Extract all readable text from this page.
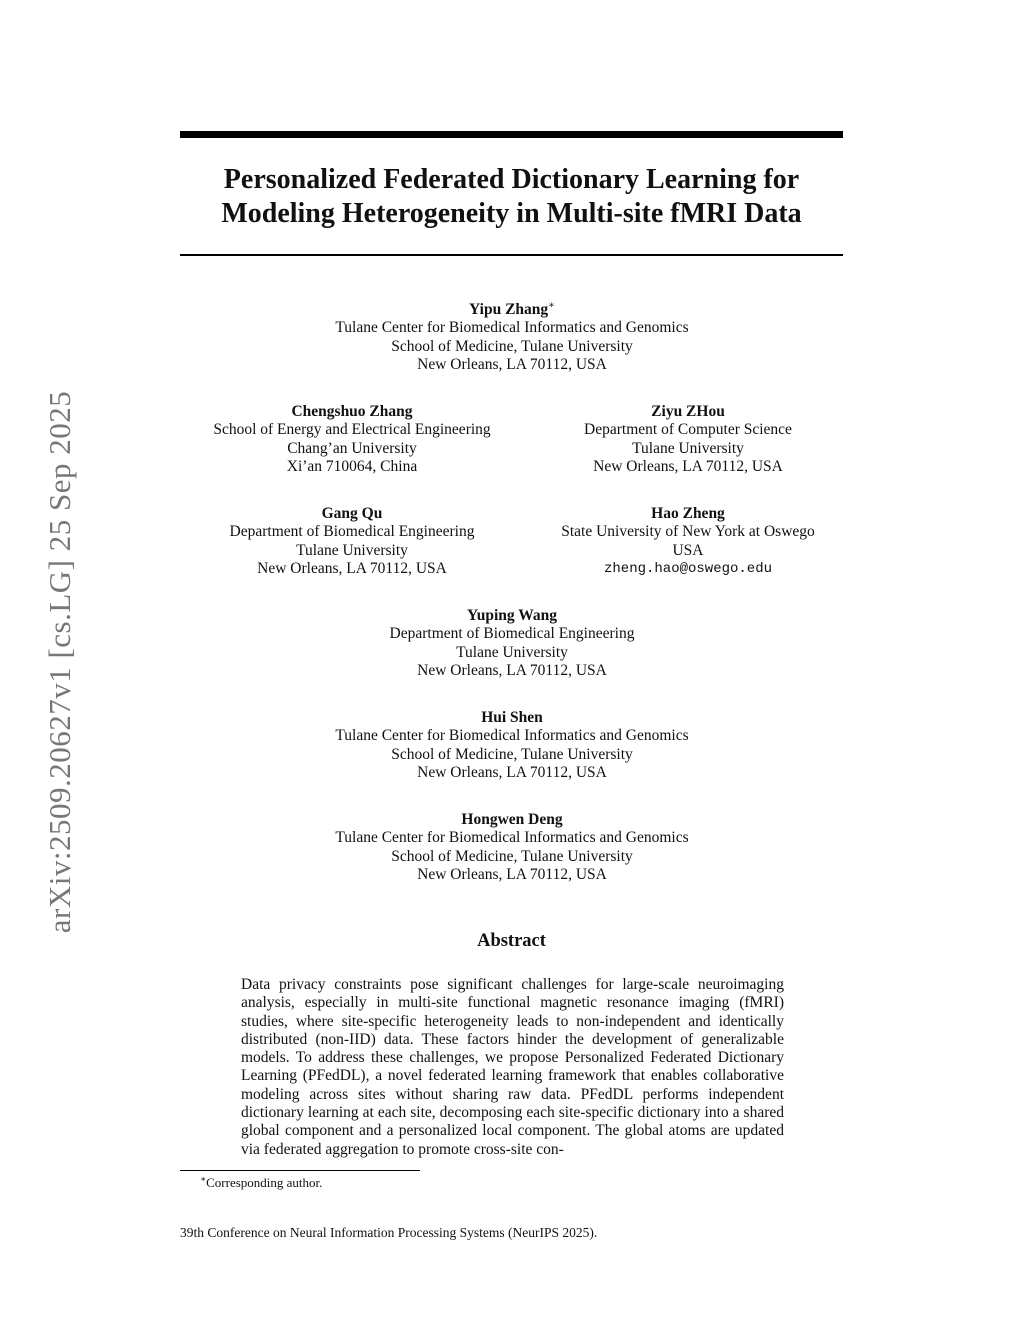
arXiv:2509.20627v1 [cs.LG] 25 Sep 2025
Personalized Federated Dictionary Learning for
Modeling Heterogeneity in Multi-site fMRI Data
Yipu Zhang∗
Tulane Center for Biomedical Informatics and Genomics
School of Medicine, Tulane University
New Orleans, LA 70112, USA
Chengshuo Zhang
School of Energy and Electrical Engineering
Chang’an University
Xi’an 710064, China
Ziyu ZHou
Department of Computer Science
Tulane University
New Orleans, LA 70112, USA
Gang Qu
Department of Biomedical Engineering
Tulane University
New Orleans, LA 70112, USA
Hao Zheng
State University of New York at Oswego
USA
zheng.hao@oswego.edu
Yuping Wang
Department of Biomedical Engineering
Tulane University
New Orleans, LA 70112, USA
Hui Shen
Tulane Center for Biomedical Informatics and Genomics
School of Medicine, Tulane University
New Orleans, LA 70112, USA
Hongwen Deng
Tulane Center for Biomedical Informatics and Genomics
School of Medicine, Tulane University
New Orleans, LA 70112, USA
Abstract
Data privacy constraints pose significant challenges for large-scale neuroimaging analysis, especially in multi-site functional magnetic resonance imaging (fMRI) studies, where site-specific heterogeneity leads to non-independent and identically distributed (non-IID) data. These factors hinder the development of generalizable models. To address these challenges, we propose Personalized Federated Dictionary Learning (PFedDL), a novel federated learning framework that enables collaborative modeling across sites without sharing raw data. PFedDL performs independent dictionary learning at each site, decomposing each site-specific dictionary into a shared global component and a personalized local component. The global atoms are updated via federated aggregation to promote cross-site con-
∗Corresponding author.
39th Conference on Neural Information Processing Systems (NeurIPS 2025).
